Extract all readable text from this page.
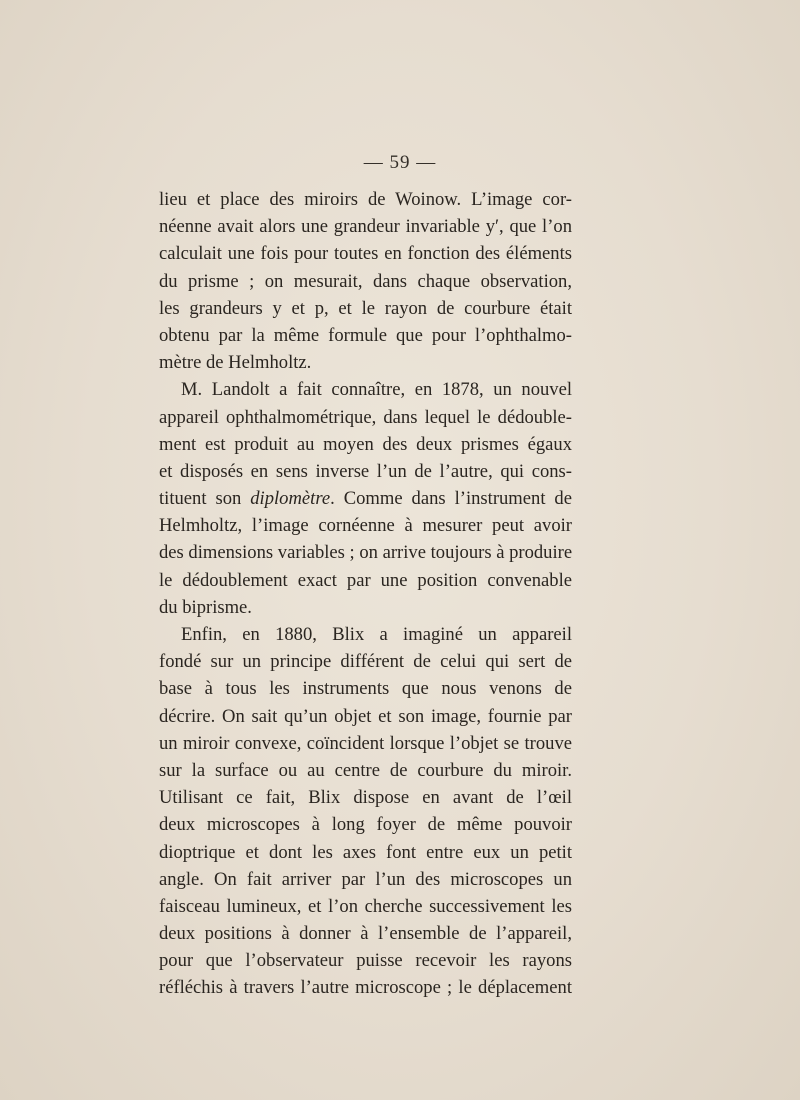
— 59 —
lieu et place des miroirs de Woinow. L’image cor-
néenne avait alors une grandeur invariable y′, que l’on
calculait une fois pour toutes en fonction des éléments
du prisme ; on mesurait, dans chaque observation,
les grandeurs y et p, et le rayon de courbure était
obtenu par la même formule que pour l’ophthalmo-
mètre de Helmholtz.
M. Landolt a fait connaître, en 1878, un nouvel
appareil ophthalmométrique, dans lequel le dédouble-
ment est produit au moyen des deux prismes égaux
et disposés en sens inverse l’un de l’autre, qui cons-
tituent son diplomètre. Comme dans l’instrument de
Helmholtz, l’image cornéenne à mesurer peut avoir
des dimensions variables ; on arrive toujours à produire
le dédoublement exact par une position convenable
du biprisme.
Enfin, en 1880, Blix a imaginé un appareil
fondé sur un principe différent de celui qui sert de
base à tous les instruments que nous venons de
décrire. On sait qu’un objet et son image, fournie par
un miroir convexe, coïncident lorsque l’objet se trouve
sur la surface ou au centre de courbure du miroir.
Utilisant ce fait, Blix dispose en avant de l’œil
deux microscopes à long foyer de même pouvoir
dioptrique et dont les axes font entre eux un petit
angle. On fait arriver par l’un des microscopes un
faisceau lumineux, et l’on cherche successivement les
deux positions à donner à l’ensemble de l’appareil,
pour que l’observateur puisse recevoir les rayons
réfléchis à travers l’autre microscope ; le déplacement
